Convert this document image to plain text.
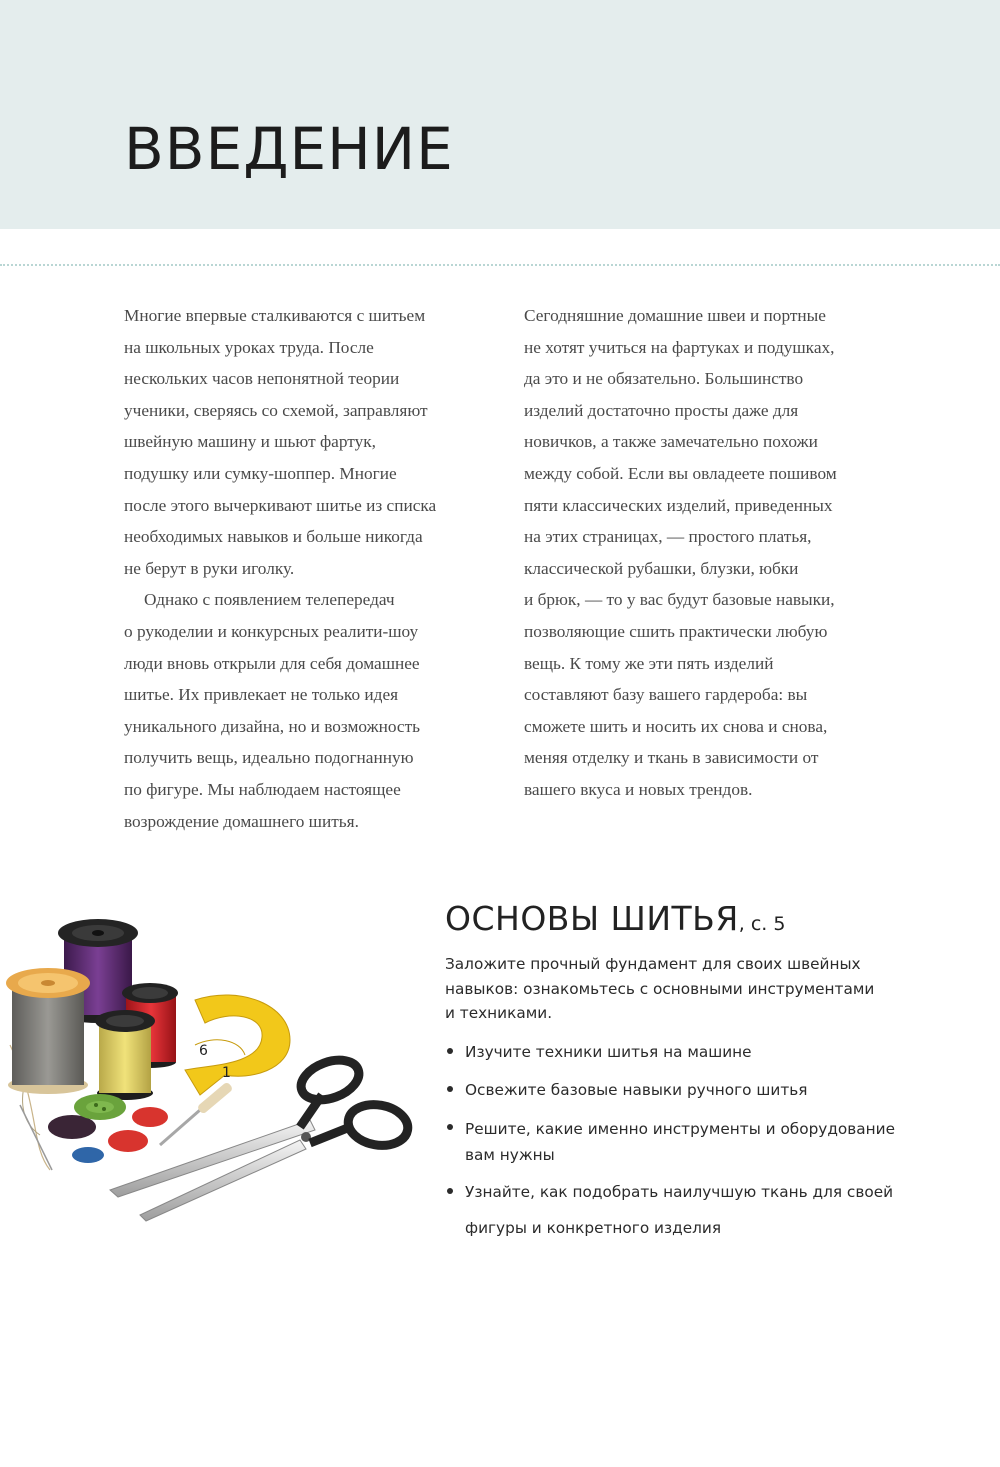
ВВЕДЕНИЕ

Многие впервые сталкиваются с шитьем
на школьных уроках труда. После
нескольких часов непонятной теории
ученики, сверяясь со схемой, заправляют
швейную машину и шьют фартук,
подушку или сумку-шоппер. Многие
после этого вычеркивают шитье из списка
необходимых навыков и больше никогда
не берут в руки иголку.

Однако с появлением телепередач
о рукоделии и конкурсных реалити-шоу
люди вновь открыли для себя домашнее
шитье. Их привлекает не только идея
уникального дизайна, но и возможность
получить вещь, идеально подогнанную
по фигуре. Мы наблюдаем настоящее
возрождение домашнего шитья.

Сегодняшние домашние швеи и портные
не хотят учиться на фартуках и подушках,
да это и не обязательно. Большинство
изделий достаточно просты даже для
новичков, а также замечательно похожи
между собой. Если вы овладеете пошивом
пяти классических изделий, приведенных
на этих страницах, — простого платья,
классической рубашки, блузки, юбки
и брюк, — то у вас будут базовые навыки,
позволяющие сшить практически любую
вещь. К тому же эти пять изделий
составляют базу вашего гардероба: вы
сможете шить и носить их снова и снова,
меняя отделку и ткань в зависимости от
вашего вкуса и новых трендов.

6
1
ОСНОВЫ ШИТЬЯ, с. 5
Заложите прочный фундамент для своих швейных
навыков: ознакомьтесь с основными инструментами
и техниками.
Изучите техники шитья на машине
Освежите базовые навыки ручного шитья
Решите, какие именно инструменты и оборудование
вам нужны
Узнайте, как подобрать наилучшую ткань для своей
фигуры и конкретного изделия
